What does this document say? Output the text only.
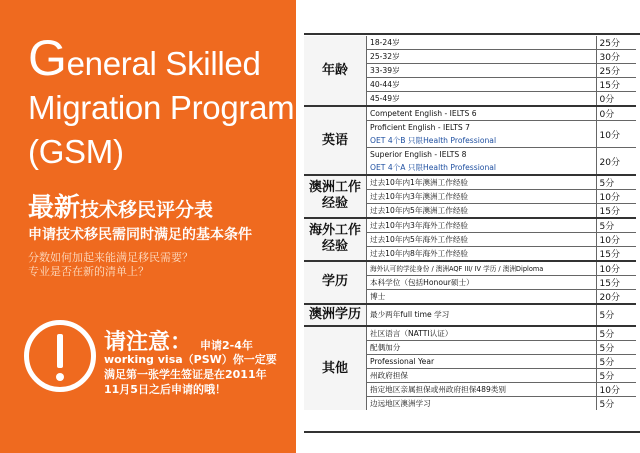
General Skilled
Migration Program
(GSM)
最新技术移民评分表
申请技术移民需同时满足的基本条件
分数如何加起来能满足移民需要？
专业是否在新的清单上？
请注意： 申请2-4年
working visa（PSW）你一定要
满足第一张学生签证是在2011年
11月5日之后申请的哦！
年龄	18-24岁	25分
	25-32岁	30分
	33-39岁	25分
	40-44岁	15分
	45-49岁	0分
英语	Competent English - IELTS 6	0分
	Proficient English - IELTS 7	10分
	OET 4个B 只限Health Professional	
	Superior English - IELTS 8	20分
	OET 4个A 只限Health Professional	
澳洲工作经验	过去10年内1年澳洲工作经验	5分
	过去10年内3年澳洲工作经验	10分
	过去10年内5年澳洲工作经验	15分
海外工作经验	过去10年内3年海外工作经验	5分
	过去10年内5年海外工作经验	10分
	过去10年内8年海外工作经验	15分
学历	海外认可的学徒身份 / 澳洲AQF III/ IV 学历 / 澳洲Diploma	10分
	本科学位（包括Honour硕士）	15分
	博士	20分
澳洲学历	最少两年full time 学习	5分
其他	社区语言（NATTI认证）	5分
	配偶加分	5分
	Professional Year	5分
	州政府担保	5分
	指定地区亲属担保或州政府担保489类别	10分
	边远地区澳洲学习	5分
